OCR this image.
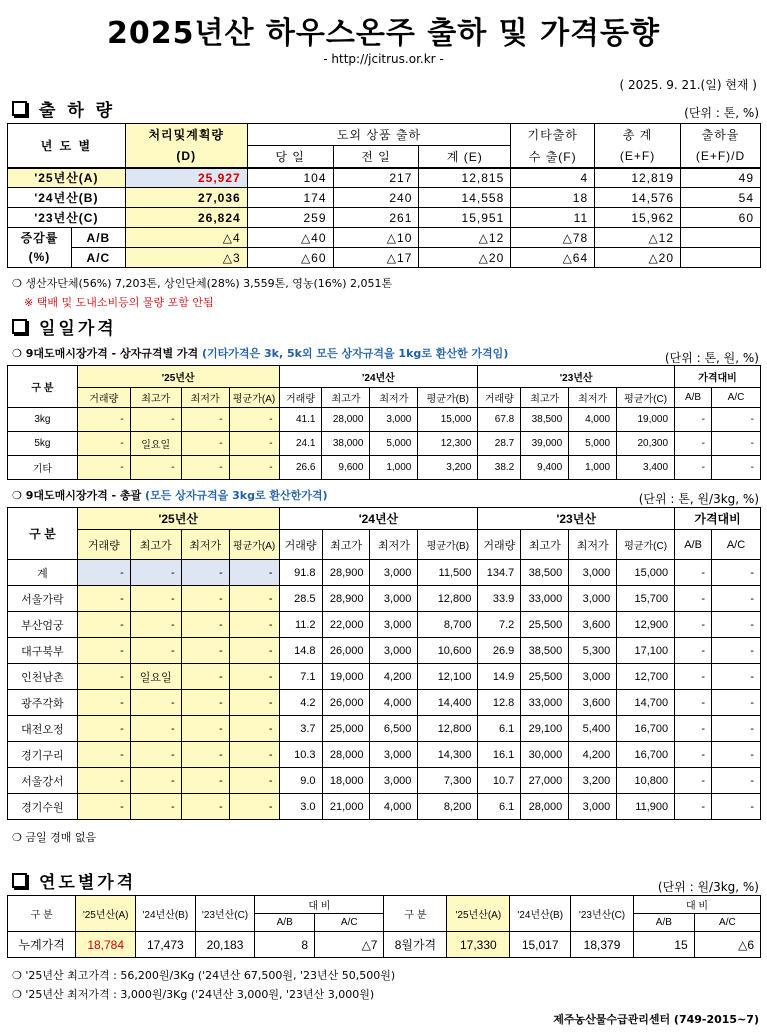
2025년산 하우스온주 출하 및 가격동향
- http://jcitrus.or.kr -
( 2025. 9. 21.(일) 현재 )
출 하 량	(단위 : 톤, %)
년 도 별		처리및계획량	도외 상품 출하			기타출하	총 계	출하율
		(D)	당 일	전 일	계 (E)	수 출(F)	(E+F)	(E+F)/D
'25년산(A)		25,927	104	217	12,815	4	12,819	49
'24년산(B)		27,036	174	240	14,558	18	14,576	54
'23년산(C)		26,824	259	261	15,951	11	15,962	60
증감률	A/B	△4	△40	△10	△12	△78	△12	
(%)	A/C	△3	△60	△17	△20	△64	△20	
❍ 생산자단체(56%) 7,203톤, 상인단체(28%) 3,559톤, 영농(16%) 2,051톤
※ 택배 및 도내소비등의 물량 포함 안됨
일일가격
❍ 9대도매시장가격 - 상자규격별 가격 (기타가격은 3k, 5k외 모든 상자규격을 1kg로 환산한 가격임)	(단위 : 톤, 원, %)
구 분	'25년산				'24년산				'23년산				가격대비	
	거래량	최고가	최저가	평균가(A)	거래량	최고가	최저가	평균가(B)	거래량	최고가	최저가	평균가(C)	A/B	A/C
3kg	-	-	-	-	41.1	28,000	3,000	15,000	67.8	38,500	4,000	19,000	-	-
5kg	-	일요일	-	-	24.1	38,000	5,000	12,300	28.7	39,000	5,000	20,300	-	-
기타	-	-	-	-	26.6	9,600	1,000	3,200	38.2	9,400	1,000	3,400	-	-
❍ 9대도매시장가격 - 총괄 (모든 상자규격을 3kg로 환산한가격)	(단위 : 톤, 원/3kg, %)
구 분	'25년산				'24년산				'23년산				가격대비	
	거래량	최고가	최저가	평균가(A)	거래량	최고가	최저가	평균가(B)	거래량	최고가	최저가	평균가(C)	A/B	A/C
계	-	-	-	-	91.8	28,900	3,000	11,500	134.7	38,500	3,000	15,000	-	-
서울가락	-	-	-	-	28.5	28,900	3,000	12,800	33.9	33,000	3,000	15,700	-	-
부산엄궁	-	-	-	-	11.2	22,000	3,000	8,700	7.2	25,500	3,600	12,900	-	-
대구북부	-	-	-	-	14.8	26,000	3,000	10,600	26.9	38,500	5,300	17,100	-	-
인천남촌	-	일요일	-	-	7.1	19,000	4,200	12,100	14.9	25,500	3,000	12,700	-	-
광주각화	-	-	-	-	4.2	26,000	4,000	14,400	12.8	33,000	3,600	14,700	-	-
대전오정	-	-	-	-	3.7	25,000	6,500	12,800	6.1	29,100	5,400	16,700	-	-
경기구리	-	-	-	-	10.3	28,000	3,000	14,300	16.1	30,000	4,200	16,700	-	-
서울강서	-	-	-	-	9.0	18,000	3,000	7,300	10.7	27,000	3,200	10,800	-	-
경기수원	-	-	-	-	3.0	21,000	4,000	8,200	6.1	28,000	3,000	11,900	-	-
❍ 금일 경매 없음
연도별가격	(단위 : 원/3kg, %)
구 분	'25년산(A)	'24년산(B)	'23년산(C)	대 비		구 분	'25년산(A)	'24년산(B)	'23년산(C)	대 비	
				A/B	A/C					A/B	A/C
누계가격	18,784	17,473	20,183	8	△7	8월가격	17,330	15,017	18,379	15	△6
❍ '25년산 최고가격 : 56,200원/3Kg ('24년산 67,500원, '23년산 50,500원)
❍ '25년산 최저가격 : 3,000원/3Kg ('24년산 3,000원, '23년산 3,000원)
제주농산물수급관리센터 (749-2015~7)
